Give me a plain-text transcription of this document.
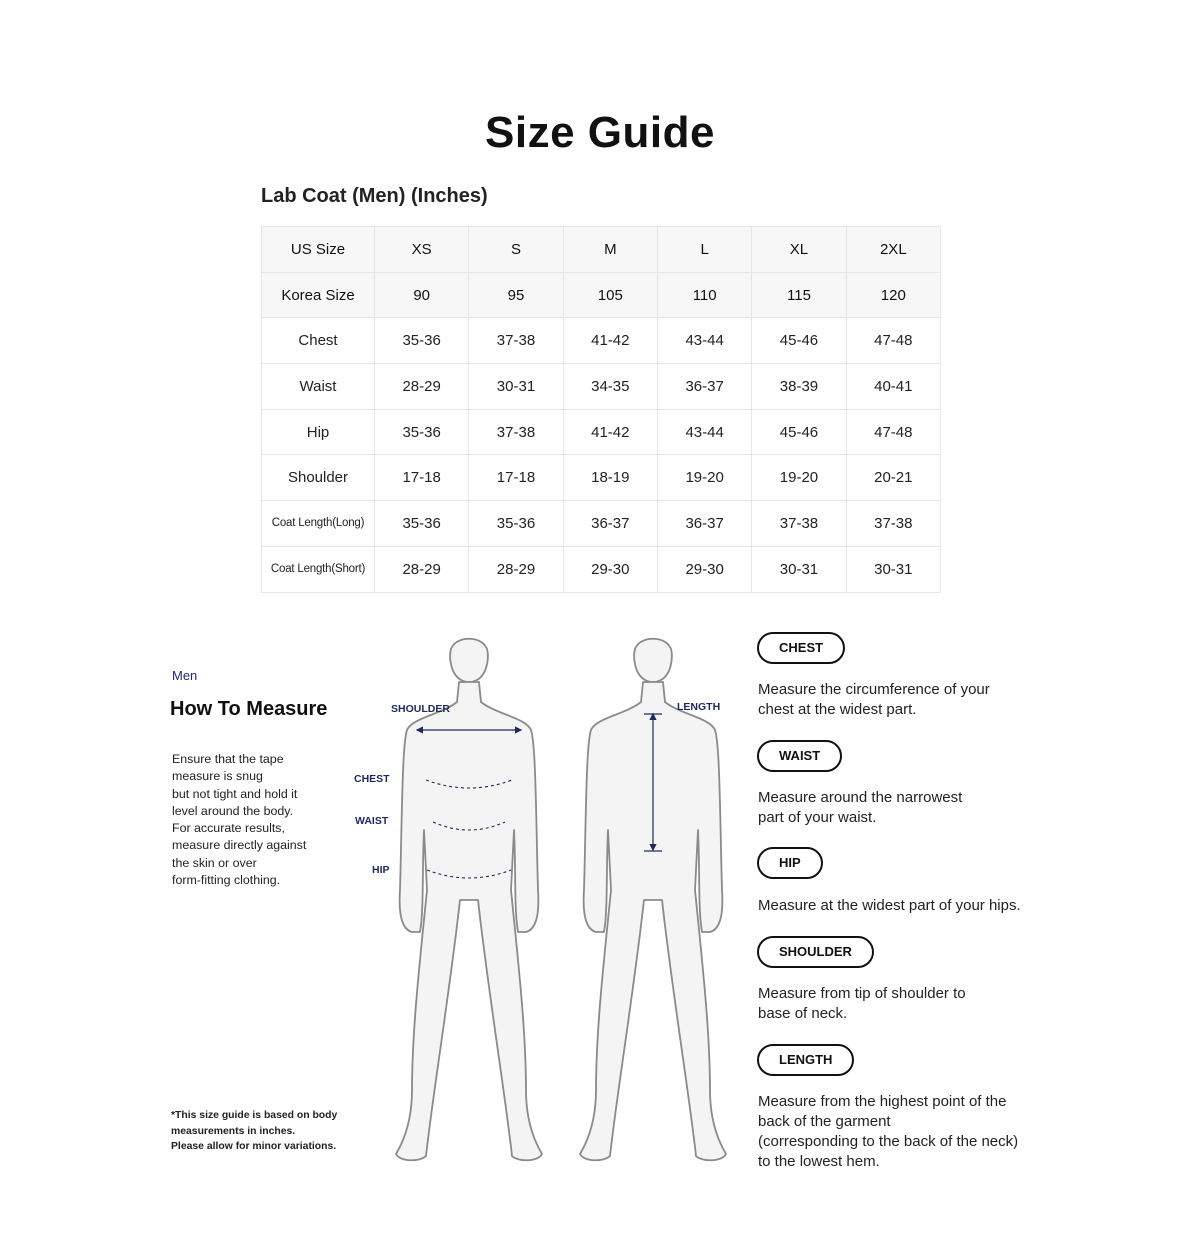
Size Guide
Lab Coat (Men) (Inches)
US Size	XS	S	M	L	XL	2XL
Korea Size	90	95	105	110	115	120
Chest	35-36	37-38	41-42	43-44	45-46	47-48
Waist	28-29	30-31	34-35	36-37	38-39	40-41
Hip	35-36	37-38	41-42	43-44	45-46	47-48
Shoulder	17-18	17-18	18-19	19-20	19-20	20-21
Coat Length(Long)	35-36	35-36	36-37	36-37	37-38	37-38
Coat Length(Short)	28-29	28-29	29-30	29-30	30-31	30-31
Men
How To Measure

Ensure that the tape
measure is snug
but not tight and hold it
level around the body.
For accurate results,
measure directly against
the skin or over
form-fitting clothing.

*This size guide is based on body
measurements in inches.
Please allow for minor variations.

SHOULDER
CHEST
WAIST
HIP
LENGTH
CHEST

Measure the circumference of your
chest at the widest part.

WAIST

Measure around the narrowest
part of your waist.

HIP

Measure at the widest part of your hips.

SHOULDER

Measure from tip of shoulder to
base of neck.

LENGTH

Measure from the highest point of the
back of the garment
(corresponding to the back of the neck)
to the lowest hem.
